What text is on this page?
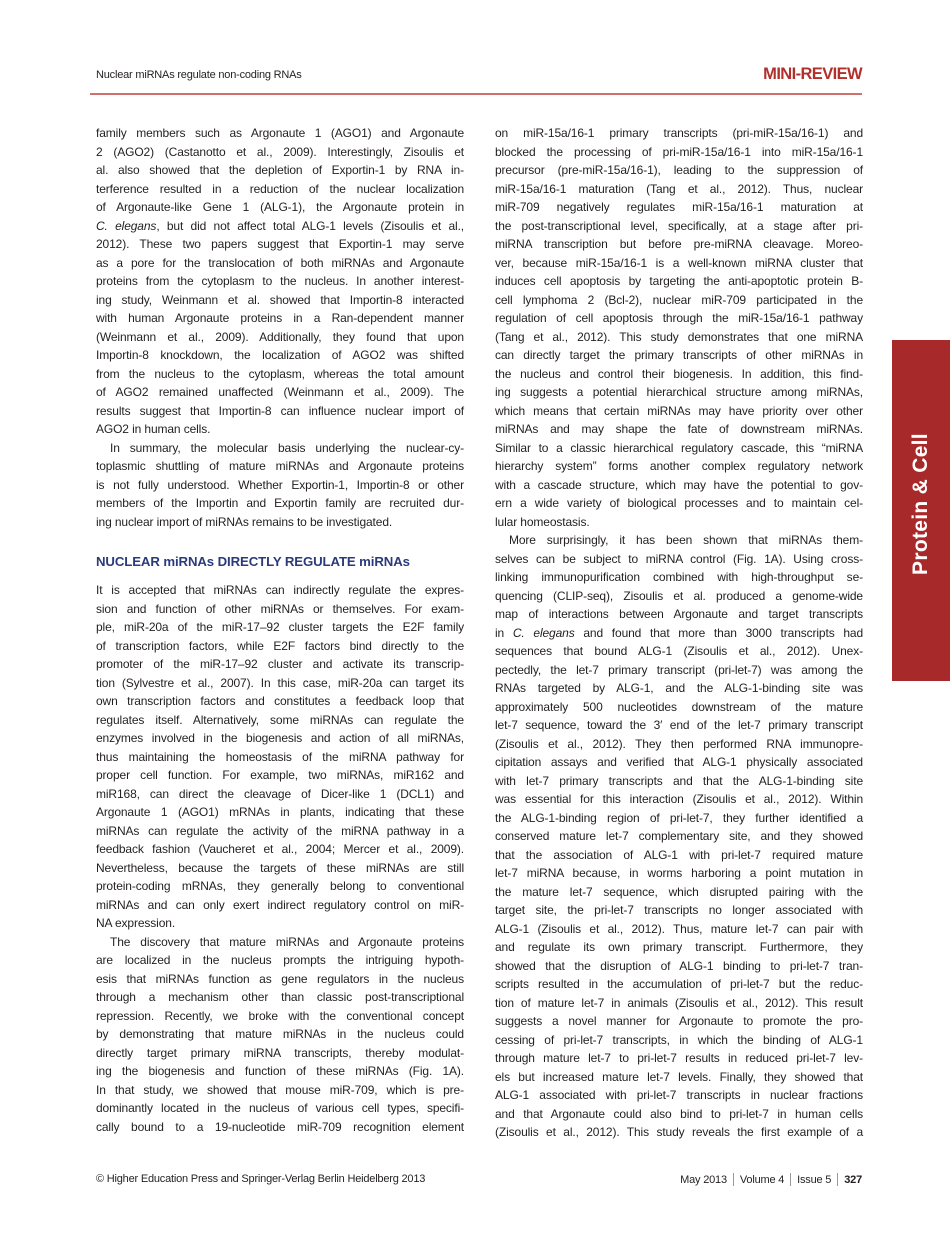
Nuclear miRNAs regulate non-coding RNAs	MINI-REVIEW
family members such as Argonaute 1 (AGO1) and Argonaute
2 (AGO2) (Castanotto et al., 2009). Interestingly, Zisoulis et
al. also showed that the depletion of Exportin-1 by RNA in-
terference resulted in a reduction of the nuclear localization
of Argonaute-like Gene 1 (ALG-1), the Argonaute protein in
C. elegans, but did not affect total ALG-1 levels (Zisoulis et al.,
2012). These two papers suggest that Exportin-1 may serve
as a pore for the translocation of both miRNAs and Argonaute
proteins from the cytoplasm to the nucleus. In another interest-
ing study, Weinmann et al. showed that Importin-8 interacted
with human Argonaute proteins in a Ran-dependent manner
(Weinmann et al., 2009). Additionally, they found that upon
Importin-8 knockdown, the localization of AGO2 was shifted
from the nucleus to the cytoplasm, whereas the total amount
of AGO2 remained unaffected (Weinmann et al., 2009). The
results suggest that Importin-8 can influence nuclear import of
AGO2 in human cells.
In summary, the molecular basis underlying the nuclear-cy-
toplasmic shuttling of mature miRNAs and Argonaute proteins
is not fully understood. Whether Exportin-1, Importin-8 or other
members of the Importin and Exportin family are recruited dur-
ing nuclear import of miRNAs remains to be investigated.
NUCLEAR miRNAs DIRECTLY REGULATE miRNAs
It is accepted that miRNAs can indirectly regulate the expres-
sion and function of other miRNAs or themselves. For exam-
ple, miR-20a of the miR-17–92 cluster targets the E2F family
of transcription factors, while E2F factors bind directly to the
promoter of the miR-17–92 cluster and activate its transcrip-
tion (Sylvestre et al., 2007). In this case, miR-20a can target its
own transcription factors and constitutes a feedback loop that
regulates itself. Alternatively, some miRNAs can regulate the
enzymes involved in the biogenesis and action of all miRNAs,
thus maintaining the homeostasis of the miRNA pathway for
proper cell function. For example, two miRNAs, miR162 and
miR168, can direct the cleavage of Dicer-like 1 (DCL1) and
Argonaute 1 (AGO1) mRNAs in plants, indicating that these
miRNAs can regulate the activity of the miRNA pathway in a
feedback fashion (Vaucheret et al., 2004; Mercer et al., 2009).
Nevertheless, because the targets of these miRNAs are still
protein-coding mRNAs, they generally belong to conventional
miRNAs and can only exert indirect regulatory control on miR-
NA expression.
The discovery that mature miRNAs and Argonaute proteins
are localized in the nucleus prompts the intriguing hypoth-
esis that miRNAs function as gene regulators in the nucleus
through a mechanism other than classic post-transcriptional
repression. Recently, we broke with the conventional concept
by demonstrating that mature miRNAs in the nucleus could
directly target primary miRNA transcripts, thereby modulat-
ing the biogenesis and function of these miRNAs (Fig. 1A).
In that study, we showed that mouse miR-709, which is pre-
dominantly located in the nucleus of various cell types, specifi-
cally bound to a 19-nucleotide miR-709 recognition element
on miR-15a/16-1 primary transcripts (pri-miR-15a/16-1) and
blocked the processing of pri-miR-15a/16-1 into miR-15a/16-1
precursor (pre-miR-15a/16-1), leading to the suppression of
miR-15a/16-1 maturation (Tang et al., 2012). Thus, nuclear
miR-709 negatively regulates miR-15a/16-1 maturation at
the post-transcriptional level, specifically, at a stage after pri-
miRNA transcription but before pre-miRNA cleavage. Moreo-
ver, because miR-15a/16-1 is a well-known miRNA cluster that
induces cell apoptosis by targeting the anti-apoptotic protein B-
cell lymphoma 2 (Bcl-2), nuclear miR-709 participated in the
regulation of cell apoptosis through the miR-15a/16-1 pathway
(Tang et al., 2012). This study demonstrates that one miRNA
can directly target the primary transcripts of other miRNAs in
the nucleus and control their biogenesis. In addition, this find-
ing suggests a potential hierarchical structure among miRNAs,
which means that certain miRNAs may have priority over other
miRNAs and may shape the fate of downstream miRNAs.
Similar to a classic hierarchical regulatory cascade, this “miRNA
hierarchy system” forms another complex regulatory network
with a cascade structure, which may have the potential to gov-
ern a wide variety of biological processes and to maintain cel-
lular homeostasis.
More surprisingly, it has been shown that miRNAs them-
selves can be subject to miRNA control (Fig. 1A). Using cross-
linking immunopurification combined with high-throughput se-
quencing (CLIP-seq), Zisoulis et al. produced a genome-wide
map of interactions between Argonaute and target transcripts
in C. elegans and found that more than 3000 transcripts had
sequences that bound ALG-1 (Zisoulis et al., 2012). Unex-
pectedly, the let-7 primary transcript (pri-let-7) was among the
RNAs targeted by ALG-1, and the ALG-1-binding site was
approximately 500 nucleotides downstream of the mature
let-7 sequence, toward the 3′ end of the let-7 primary transcript
(Zisoulis et al., 2012). They then performed RNA immunopre-
cipitation assays and verified that ALG-1 physically associated
with let-7 primary transcripts and that the ALG-1-binding site
was essential for this interaction (Zisoulis et al., 2012). Within
the ALG-1-binding region of pri-let-7, they further identified a
conserved mature let-7 complementary site, and they showed
that the association of ALG-1 with pri-let-7 required mature
let-7 miRNA because, in worms harboring a point mutation in
the mature let-7 sequence, which disrupted pairing with the
target site, the pri-let-7 transcripts no longer associated with
ALG-1 (Zisoulis et al., 2012). Thus, mature let-7 can pair with
and regulate its own primary transcript. Furthermore, they
showed that the disruption of ALG-1 binding to pri-let-7 tran-
scripts resulted in the accumulation of pri-let-7 but the reduc-
tion of mature let-7 in animals (Zisoulis et al., 2012). This result
suggests a novel manner for Argonaute to promote the pro-
cessing of pri-let-7 transcripts, in which the binding of ALG-1
through mature let-7 to pri-let-7 results in reduced pri-let-7 lev-
els but increased mature let-7 levels. Finally, they showed that
ALG-1 associated with pri-let-7 transcripts in nuclear fractions
and that Argonaute could also bind to pri-let-7 in human cells
(Zisoulis et al., 2012). This study reveals the first example of a
Protein & Cell
© Higher Education Press and Springer-Verlag Berlin Heidelberg 2013	May 2013 Volume 4 Issue 5 327
